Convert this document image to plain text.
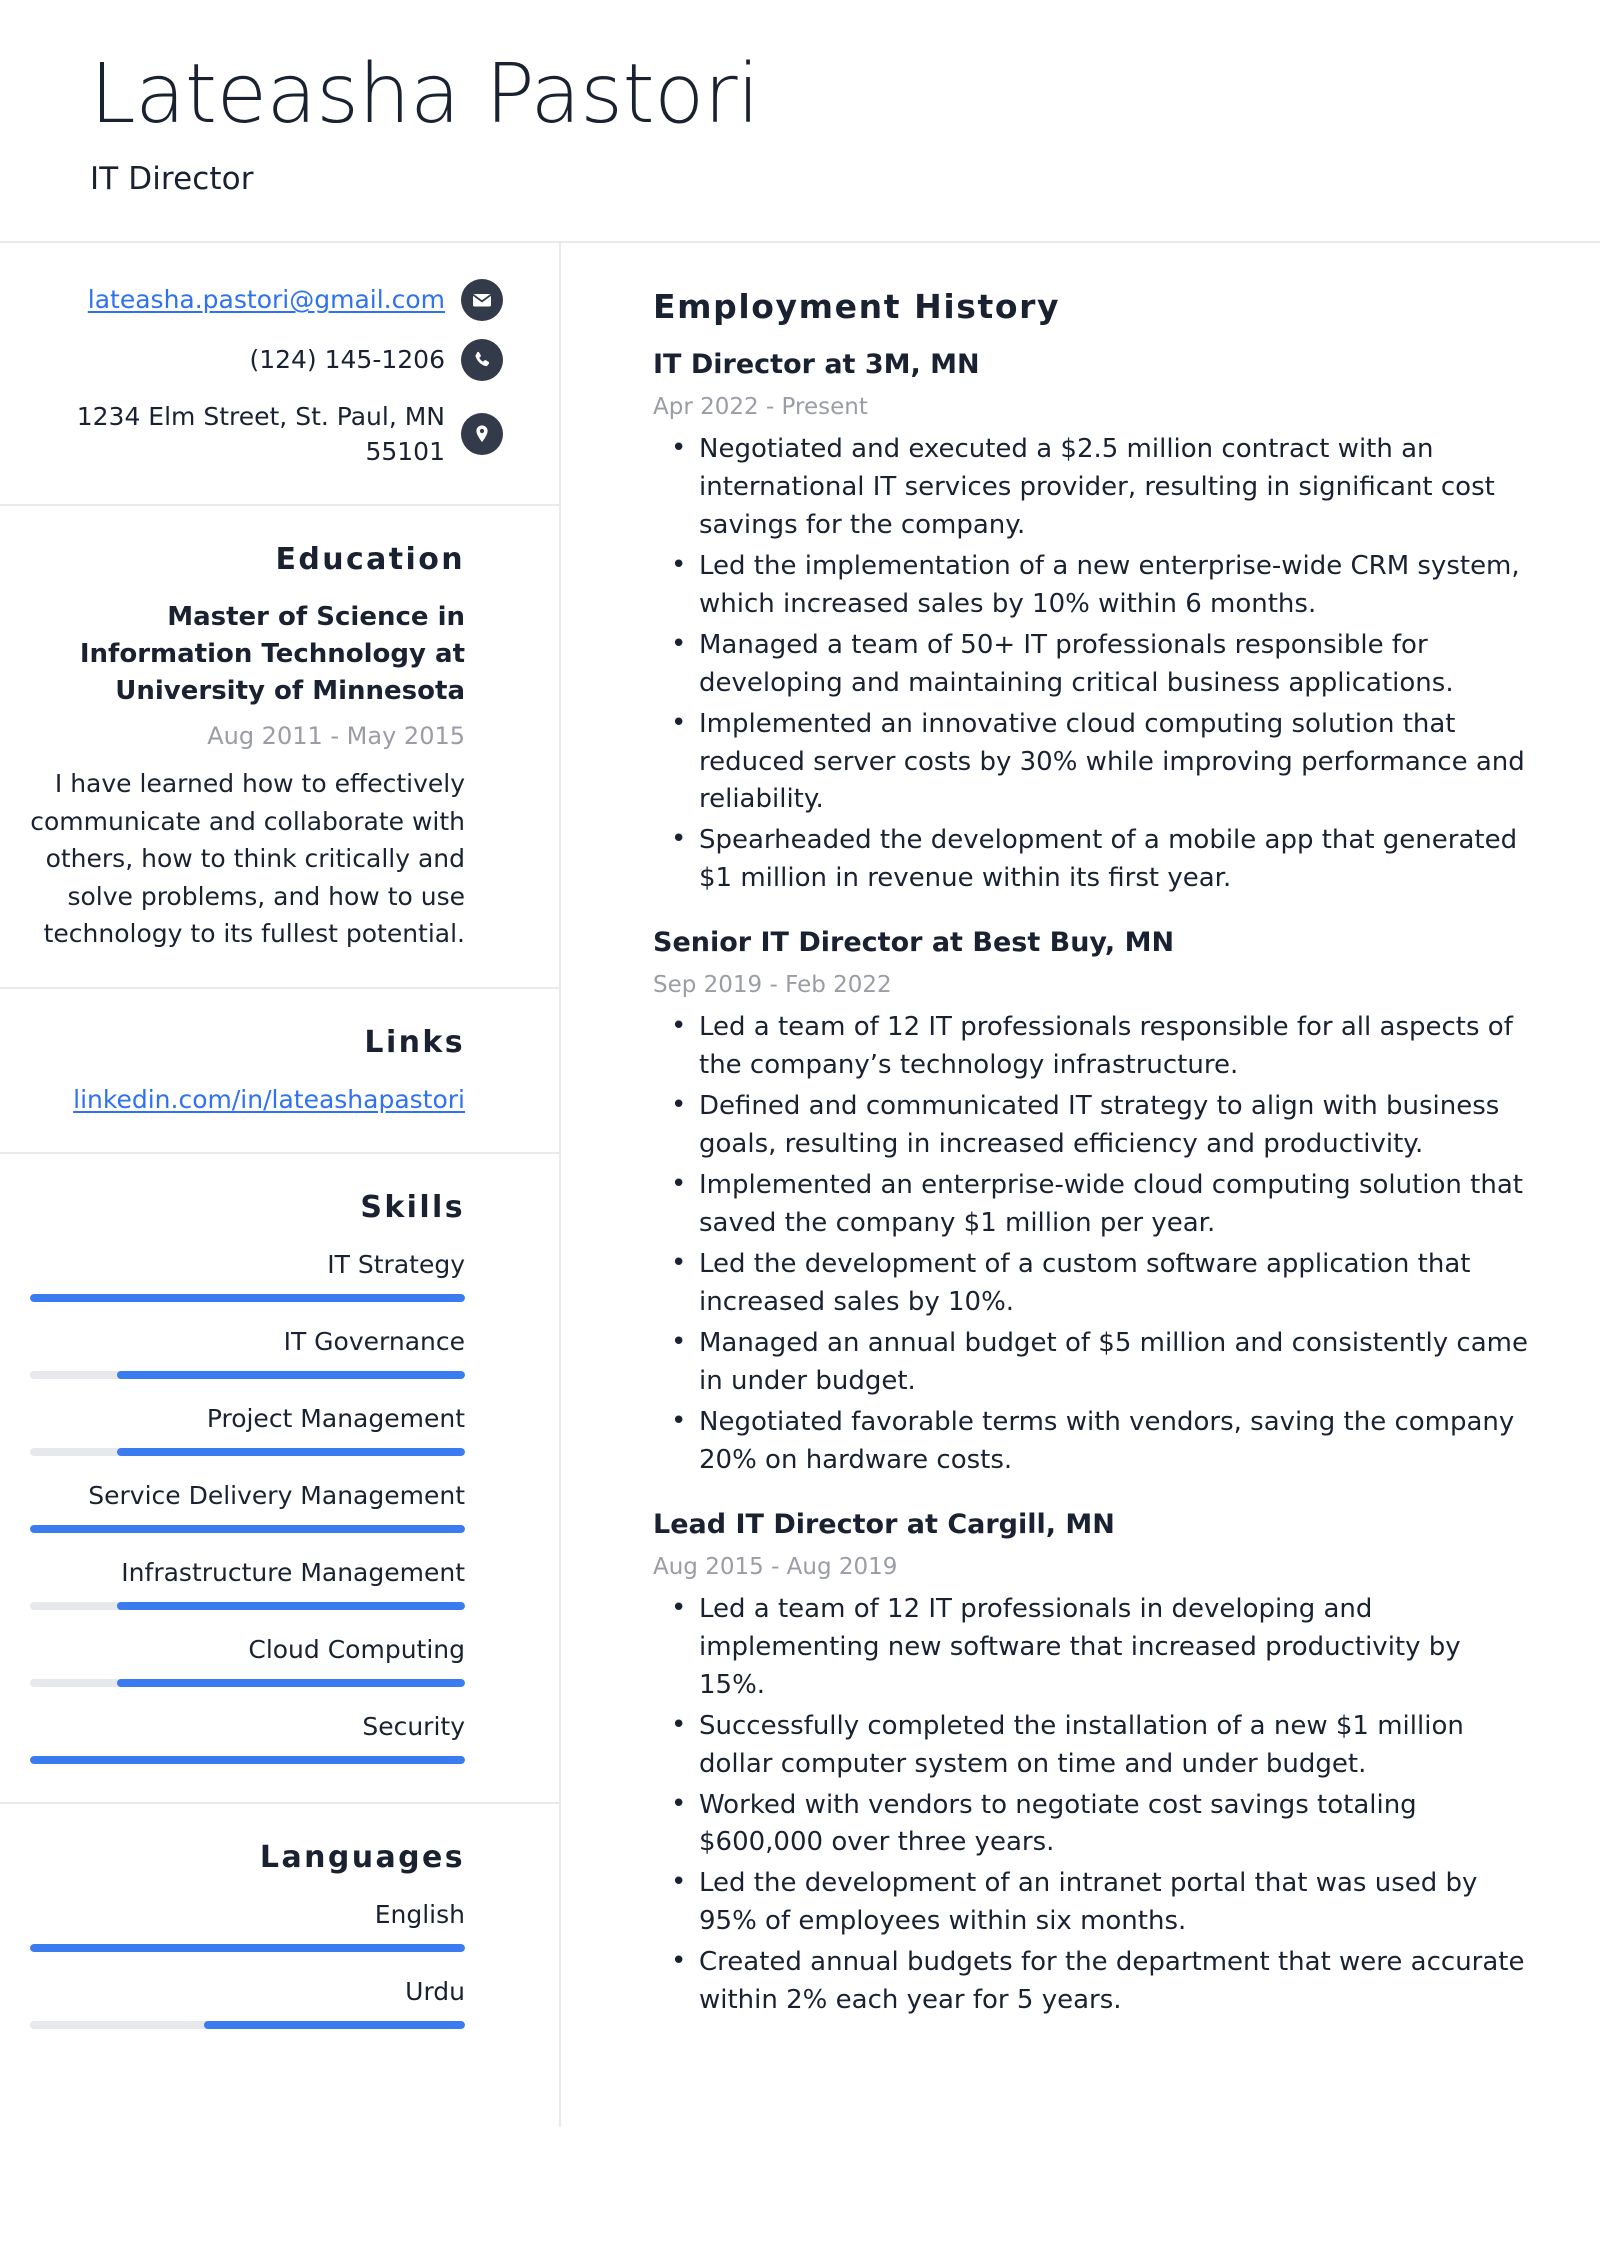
Lateasha Pastori
IT Director
lateasha.pastori@gmail.com
(124) 145-1206
1234 Elm Street, St. Paul, MN 55101
Education
Master of Science in Information Technology at University of Minnesota
Aug 2011 - May 2015
I have learned how to effectively communicate and collaborate with others, how to think critically and solve problems, and how to use technology to its fullest potential.
Links
linkedin.com/in/lateashapastori
Skills
IT Strategy
IT Governance
Project Management
Service Delivery Management
Infrastructure Management
Cloud Computing
Security
Languages
English
Urdu
Employment History
IT Director at 3M, MN
Apr 2022 - Present
• Negotiated and executed a $2.5 million contract with an international IT services provider, resulting in significant cost savings for the company.
• Led the implementation of a new enterprise-wide CRM system, which increased sales by 10% within 6 months.
• Managed a team of 50+ IT professionals responsible for developing and maintaining critical business applications.
• Implemented an innovative cloud computing solution that reduced server costs by 30% while improving performance and reliability.
• Spearheaded the development of a mobile app that generated $1 million in revenue within its first year.
Senior IT Director at Best Buy, MN
Sep 2019 - Feb 2022
• Led a team of 12 IT professionals responsible for all aspects of the company’s technology infrastructure.
• Defined and communicated IT strategy to align with business goals, resulting in increased efficiency and productivity.
• Implemented an enterprise-wide cloud computing solution that saved the company $1 million per year.
• Led the development of a custom software application that increased sales by 10%.
• Managed an annual budget of $5 million and consistently came in under budget.
• Negotiated favorable terms with vendors, saving the company 20% on hardware costs.
Lead IT Director at Cargill, MN
Aug 2015 - Aug 2019
• Led a team of 12 IT professionals in developing and implementing new software that increased productivity by 15%.
• Successfully completed the installation of a new $1 million dollar computer system on time and under budget.
• Worked with vendors to negotiate cost savings totaling $600,000 over three years.
• Led the development of an intranet portal that was used by 95% of employees within six months.
• Created annual budgets for the department that were accurate within 2% each year for 5 years.
